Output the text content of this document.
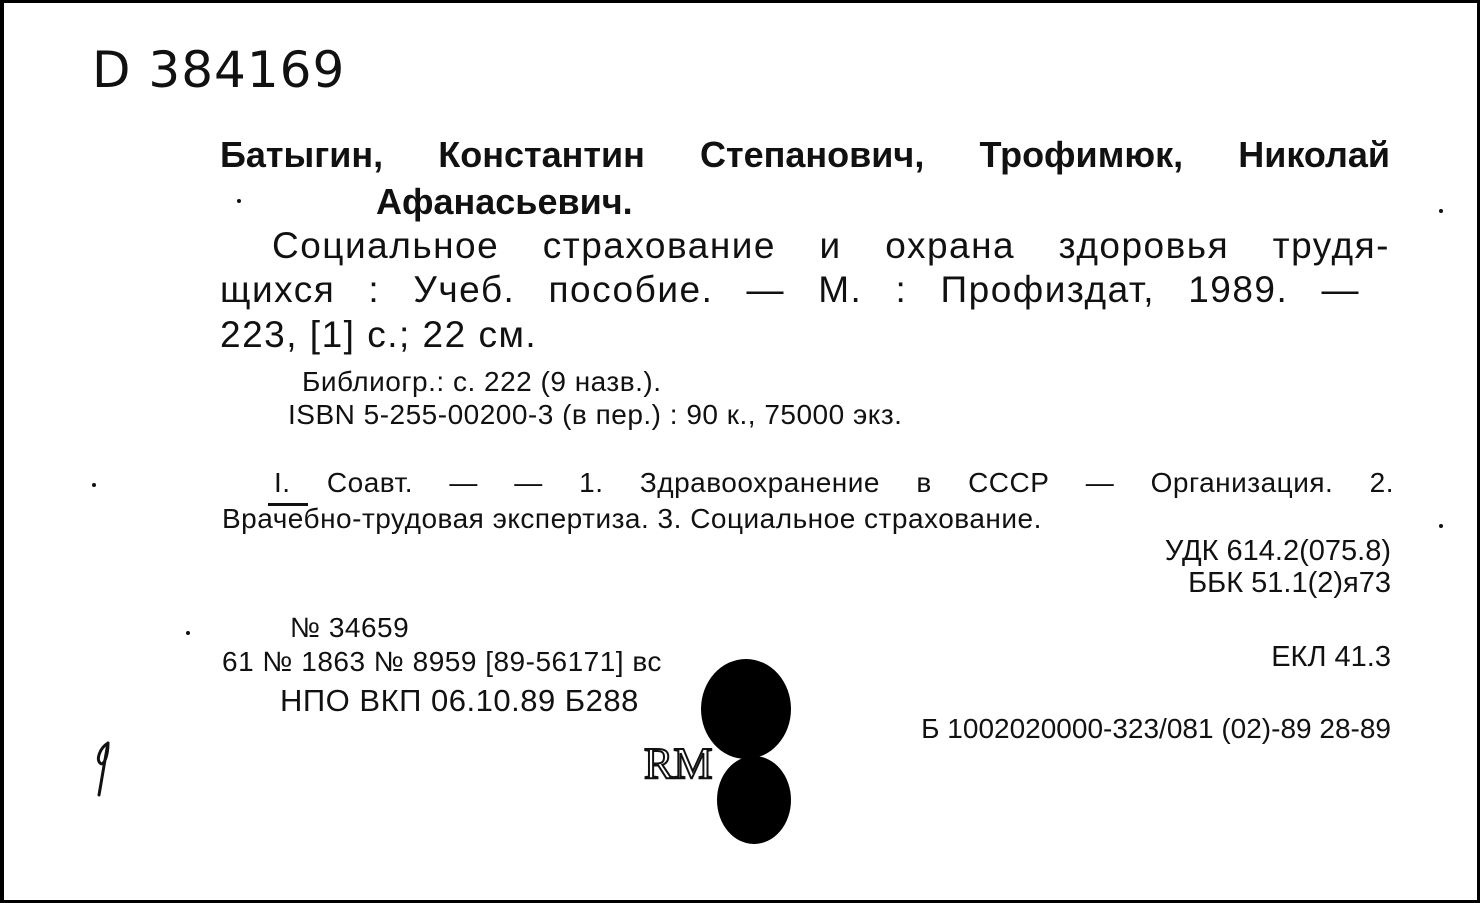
D 384169
Батыгин, Константин Степанович, Трофимюк, Николай
Афанасьевич.
Социальное страхование и охрана здоровья трудя-
щихся : Учеб. пособие. — М. : Профиздат, 1989. —
223, [1] с.; 22 см.
Библиогр.: с. 222 (9 назв.).
ISBN 5-255-00200-3 (в пер.) : 90 к., 75000 экз.
I. Соавт. — — 1. Здравоохранение в СССР — Организация. 2.
Врачебно-трудовая экспертиза. 3. Социальное страхование.
УДК 614.2(075.8)
ББК 51.1(2)я73
ЕКЛ 41.3
Б 1002020000-323/081 (02)-89 28-89
№ 34659
61 № 1863 № 8959 [89-56171] вс
НПО ВКП 06.10.89 Б288
RM
